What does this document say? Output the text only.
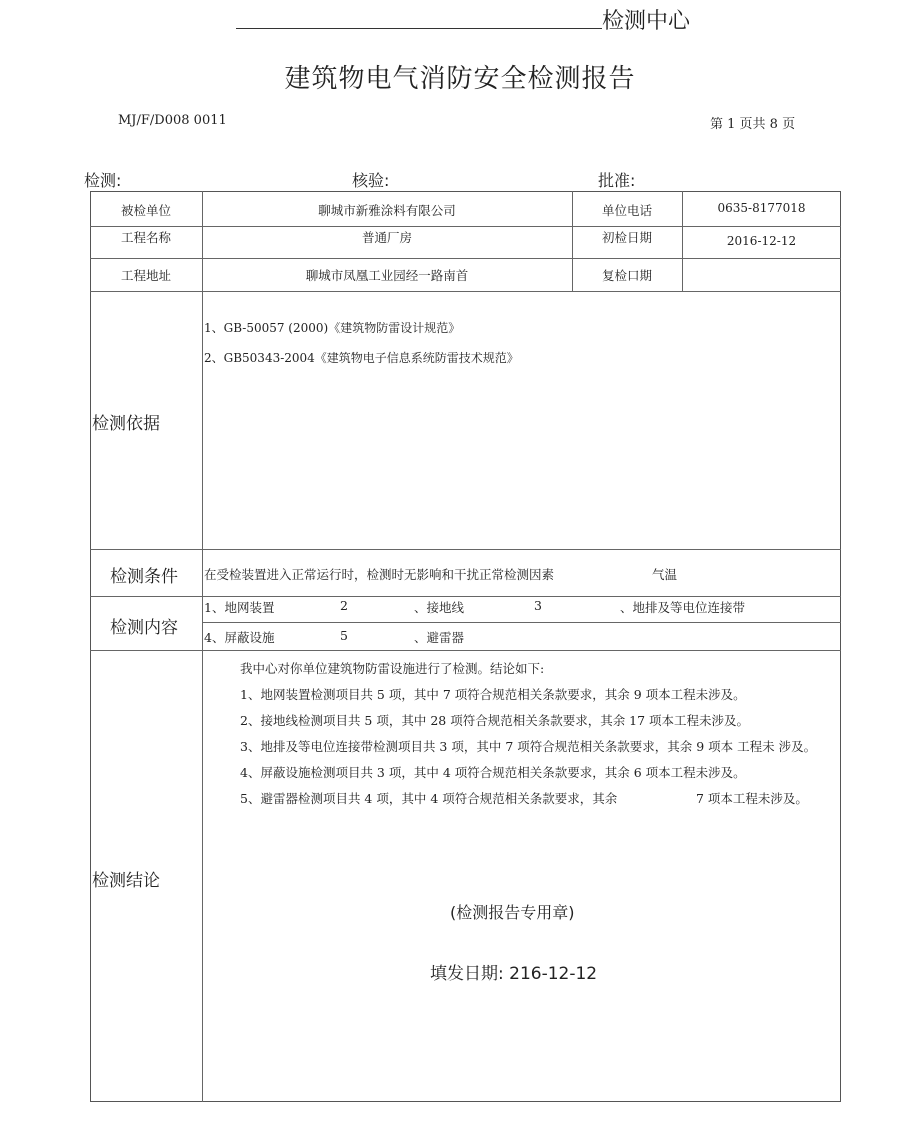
检测中心
建筑物电气消防安全检测报告
MJ/F/D008 0011	第 1 页共 8 页
检测:	核验:	批准:
被检单位	聊城市新雅涂料有限公司	单位电话	0635-8177018
工程名称	普通厂房	初检日期	2016-12-12
工程地址	聊城市凤凰工业园经一路南首	复检口期
检测依据
1、GB-50057 (2000)《建筑物防雷设计规范》
2、GB50343-2004《建筑物电子信息系统防雷技术规范》
检测条件 在受检装置进入正常运行时，检测时无影响和干扰正常检测因素	气温
检测内容
1、地网装置	2	、接地线	3	、地排及等电位连接带
4、屏蔽设施	5	、避雷器
检测结论
我中心对你单位建筑物防雷设施进行了检测。结论如下:
1、地网装置检测项目共 5 项，其中 7 项符合规范相关条款要求，其余 9 项本工程未涉及。
2、接地线检测项目共 5 项，其中 28 项符合规范相关条款要求，其余 17 项本工程未涉及。
3、地排及等电位连接带检测项目共 3 项，其中 7 项符合规范相关条款要求，其余 9 项本 工程未 涉及。
4、屏蔽设施检测项目共 3 项，其中 4 项符合规范相关条款要求，其余 6 项本工程未涉及。
5、避雷器检测项目共 4 项，其中 4 项符合规范相关条款要求，其余	7 项本工程未涉及。
(检测报告专用章)
填发日期: 216-12-12
